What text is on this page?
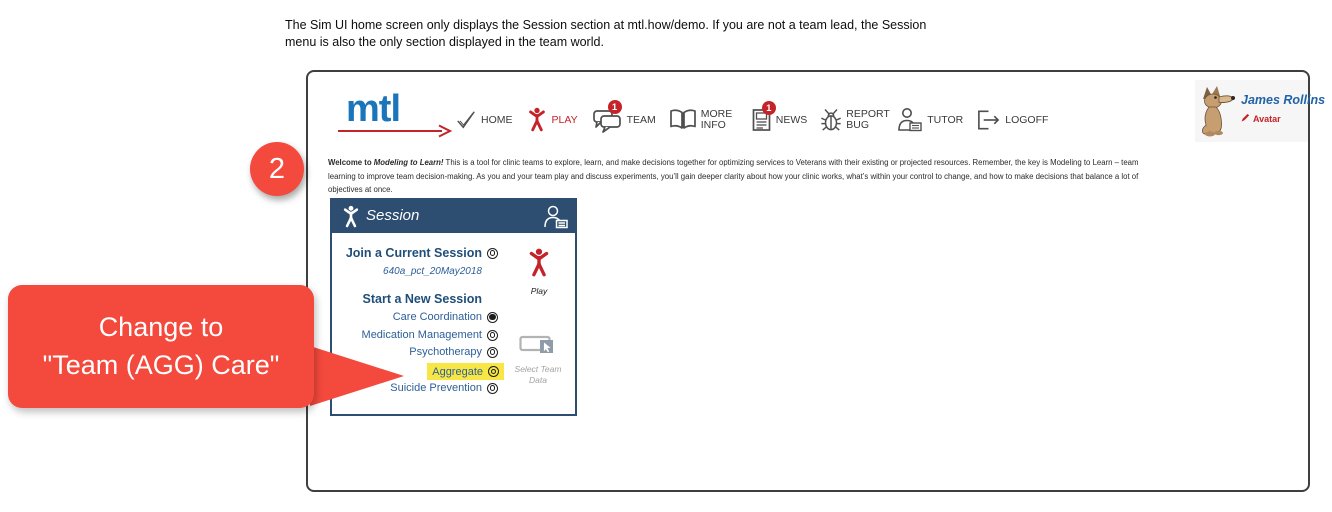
The Sim UI home screen only displays the Session section at mtl.how/demo. If you are not a team lead, the Session menu is also the only section displayed in the team world.

mtl	HOME	PLAY
1
TEAM
MORE INFO
1
NEWS
REPORT BUG	TUTOR	LOGOFF
James Rollins
Avatar

Welcome to Modeling to Learn! This is a tool for clinic teams to explore, learn, and make decisions together for optimizing services to Veterans with their existing or projected resources. Remember, the key is Modeling to Learn – team learning to improve team decision-making. As you and your team play and discuss experiments, you’ll gain deeper clarity about how your clinic works, what’s within your control to change, and how to make decisions that balance a lot of objectives at once.

Session
Join a Current Session
640a_pct_20May2018
Start a New Session
Care Coordination
Medication Management
Psychotherapy
Aggregate
Suicide Prevention
Play
Select Team Data
2
Change to
"Team (AGG) Care"
